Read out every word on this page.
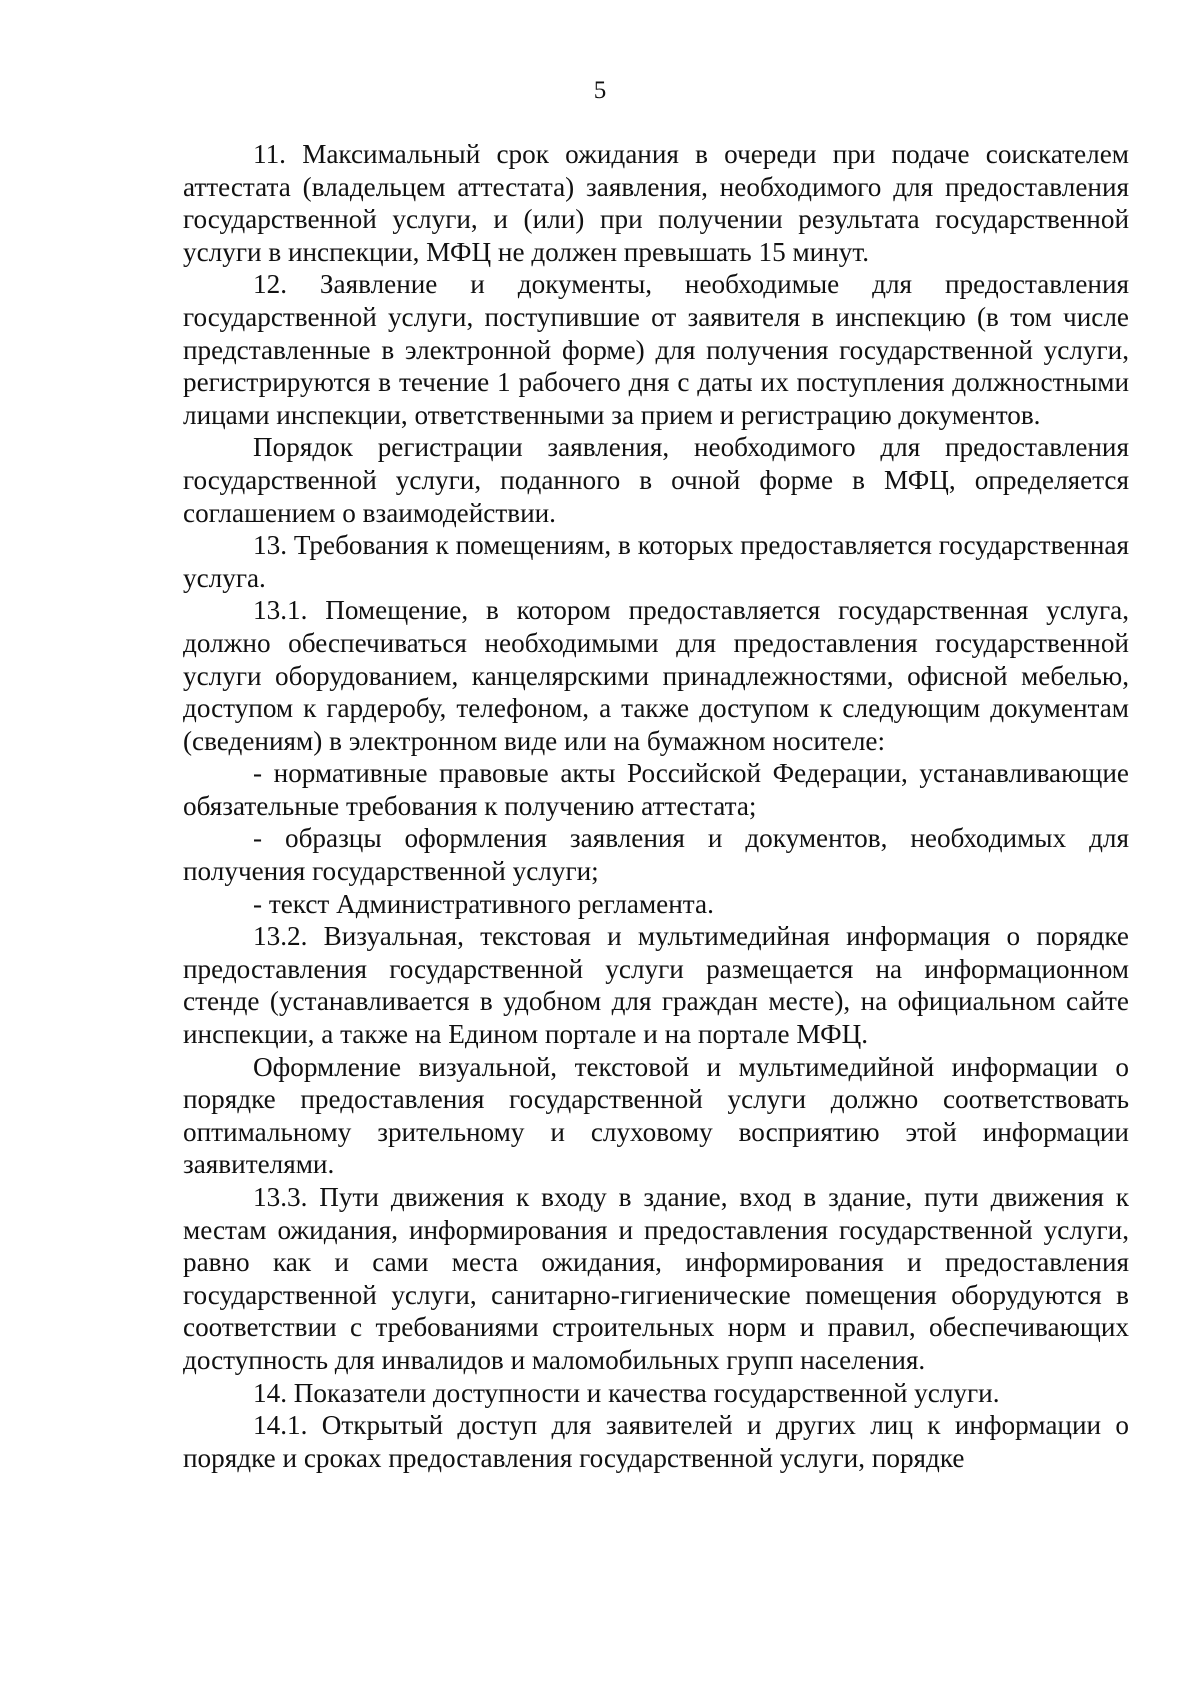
5

11. Максимальный срок ожидания в очереди при подаче соискателем аттестата (владельцем аттестата) заявления, необходимого для предоставления государственной услуги, и (или) при получении результата государственной услуги в инспекции, МФЦ не должен превышать 15 минут.

12. Заявление и документы, необходимые для предоставления государственной услуги, поступившие от заявителя в инспекцию (в том числе представленные в электронной форме) для получения государственной услуги, регистрируются в течение 1 рабочего дня с даты их поступления должностными лицами инспекции, ответственными за прием и регистрацию документов.

Порядок регистрации заявления, необходимого для предоставления государственной услуги, поданного в очной форме в МФЦ, определяется соглашением о взаимодействии.

13. Требования к помещениям, в которых предоставляется государственная услуга.

13.1. Помещение, в котором предоставляется государственная услуга, должно обеспечиваться необходимыми для предоставления государственной услуги оборудованием, канцелярскими принадлежностями, офисной мебелью, доступом к гардеробу, телефоном, а также доступом к следующим документам (сведениям) в электронном виде или на бумажном носителе:

- нормативные правовые акты Российской Федерации, устанавливающие обязательные требования к получению аттестата;

- образцы оформления заявления и документов, необходимых для получения государственной услуги;

- текст Административного регламента.

13.2. Визуальная, текстовая и мультимедийная информация о порядке предоставления государственной услуги размещается на информационном стенде (устанавливается в удобном для граждан месте), на официальном сайте инспекции, а также на Едином портале и на портале МФЦ.

Оформление визуальной, текстовой и мультимедийной информации о порядке предоставления государственной услуги должно соответствовать оптимальному зрительному и слуховому восприятию этой информации заявителями.

13.3. Пути движения к входу в здание, вход в здание, пути движения к местам ожидания, информирования и предоставления государственной услуги, равно как и сами места ожидания, информирования и предоставления государственной услуги, санитарно-гигиенические помещения оборудуются в соответствии с требованиями строительных норм и правил, обеспечивающих доступность для инвалидов и маломобильных групп населения.

14. Показатели доступности и качества государственной услуги.

14.1. Открытый доступ для заявителей и других лиц к информации о порядке и сроках предоставления государственной услуги, порядке
